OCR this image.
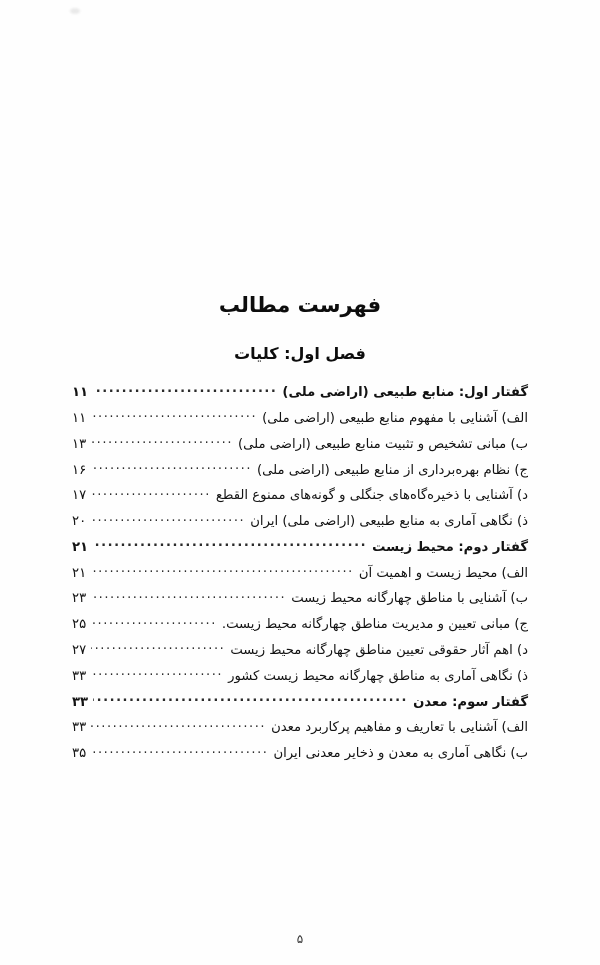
فهرست مطالب
فصل اول: کلیات
گفتار اول: منابع طبیعی (اراضی ملی)
.....
۱۱
الف) آشنایی با مفهوم منابع طبیعی (اراضی ملی)
.....
۱۱
ب) مبانی تشخیص و تثبیت منابع طبیعی (اراضی ملی)
.....
۱۳
ج) نظام بهره‌برداری از منابع طبیعی (اراضی ملی)
.....
۱۶
د) آشنایی با ذخیره‌گاه‌های جنگلی و گونه‌های ممنوع القطع
.....
۱۷
ذ) نگاهی آماری به منابع طبیعی (اراضی ملی) ایران
.....
۲۰
گفتار دوم: محیط زیست
.....
۲۱
الف) محیط زیست و اهمیت آن
.....
۲۱
ب) آشنایی با مناطق چهارگانه محیط زیست
.....
۲۳
ج) مبانی تعیین و مدیریت مناطق چهارگانه محیط زیست.
.....
۲۵
د) اهم آثار حقوقی تعیین مناطق چهارگانه محیط زیست
.....
۲۷
ذ) نگاهی آماری به مناطق چهارگانه محیط زیست کشور
.....
۳۳
گفتار سوم: معدن
.....
۳۳
الف) آشنایی با تعاریف و مفاهیم پرکاربرد معدن
.....
۳۳
ب) نگاهی آماری به معدن و ذخایر معدنی ایران
.....
۳۵
۵
